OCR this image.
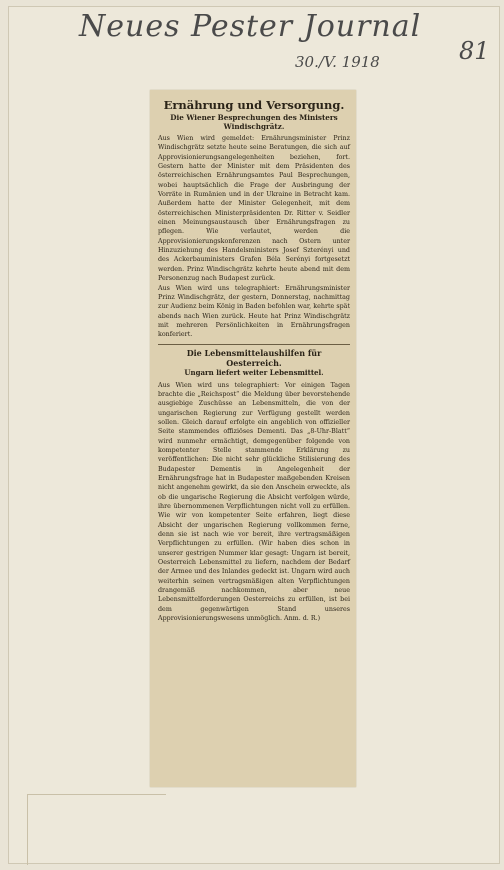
Neues Pester Journal
30./V. 1918	81
Ernährung und Versorgung.
Die Wiener Besprechungen des Ministers Windischgrätz.

Aus Wien wird gemeldet: Ernährungsminister Prinz Windischgrätz setzte heute seine Beratungen, die sich auf Approvisionierungsangelegenheiten beziehen, fort. Gestern hatte der Minister mit dem Präsidenten des österreichischen Ernährungsamtes Paul Besprechungen, wobei hauptsächlich die Frage der Ausbringung der Vorräte in Rumänien und in der Ukraine in Betracht kam. Außerdem hatte der Minister Gelegenheit, mit dem österreichischen Ministerpräsidenten Dr. Ritter v. Seidler einen Meinungsaustausch über Ernährungsfragen zu pflegen. Wie verlautet, werden die Approvisionierungskonferenzen nach Ostern unter Hinzuziehung des Handelsministers Josef Szterényi und des Ackerbauministers Grafen Béla Serényi fortgesetzt werden. Prinz Windischgrätz kehrte heute abend mit dem Personenzug nach Budapest zurück.

Aus Wien wird uns telegraphiert: Ernährungsminister Prinz Windischgrätz, der gestern, Donnerstag, nachmittag zur Audienz beim König in Baden befohlen war, kehrte spät abends nach Wien zurück. Heute hat Prinz Windischgrätz mit mehreren Persönlichkeiten in Ernährungsfragen konferiert.

Die Lebensmittelaushilfen für Oesterreich.
Ungarn liefert weiter Lebensmittel.

Aus Wien wird uns telegraphiert: Vor einigen Tagen brachte die „Reichspost“ die Meldung über bevorstehende ausgiebige Zuschüsse an Lebensmitteln, die von der ungarischen Regierung zur Verfügung gestellt werden sollen. Gleich darauf erfolgte ein angeblich von offizieller Seite stammendes offiziöses Dementi. Das „8-Uhr-Blatt“ wird nunmehr ermächtigt, demgegenüber folgende von kompetenter Stelle stammende Erklärung zu veröffentlichen: Die nicht sehr glückliche Stilisierung des Budapester Dementis in Angelegenheit der Ernährungsfrage hat in Budapester maßgebenden Kreisen nicht angenehm gewirkt, da sie den Anschein erweckte, als ob die ungarische Regierung die Absicht verfolgen würde, ihre übernommenen Verpflichtungen nicht voll zu erfüllen. Wie wir von kompetenter Seite erfahren, liegt diese Absicht der ungarischen Regierung vollkommen ferne, denn sie ist nach wie vor bereit, ihre vertragsmäßigen Verpflichtungen zu erfüllen. (Wir haben dies schon in unserer gestrigen Nummer klar gesagt: Ungarn ist bereit, Oesterreich Lebensmittel zu liefern, nachdem der Bedarf der Armee und des Inlandes gedeckt ist. Ungarn wird auch weiterhin seinen vertragsmäßigen alten Verpflichtungen drangemäß nachkommen, aber neue Lebensmittelforderungen Oesterreichs zu erfüllen, ist bei dem gegenwärtigen Stand unseres Approvisionierungswesens unmöglich. Anm. d. R.)
